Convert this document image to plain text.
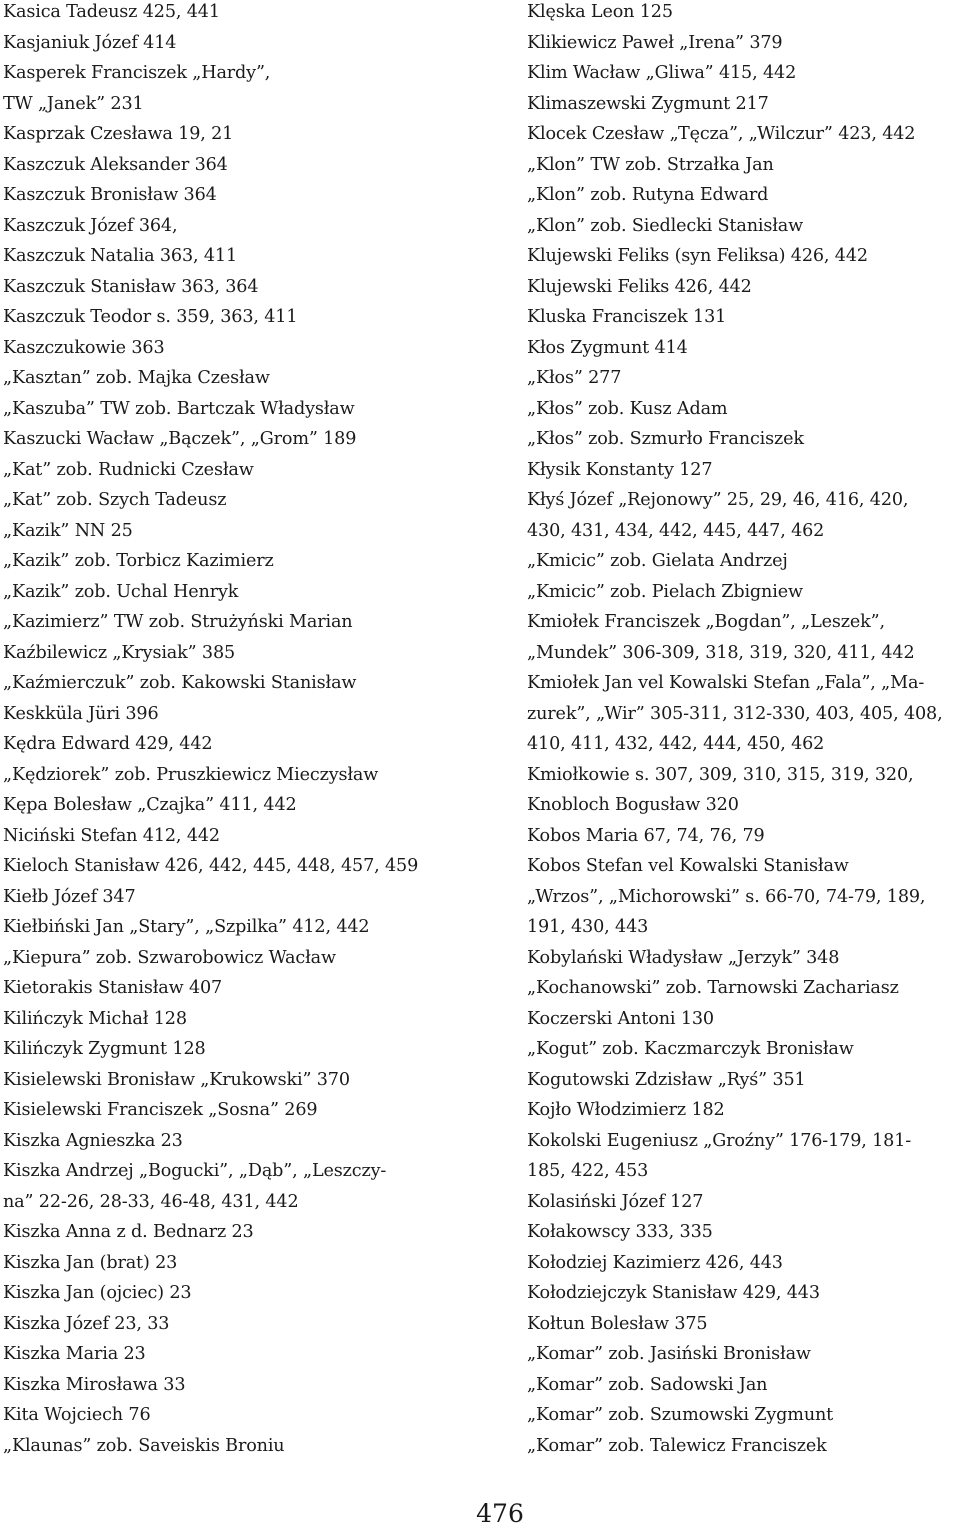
Kasica Tadeusz 425, 441
Kasjaniuk Józef 414
Kasperek Franciszek „Hardy”,
TW „Janek” 231
Kasprzak Czesława 19, 21
Kaszczuk Aleksander 364
Kaszczuk Bronisław 364
Kaszczuk Józef 364,
Kaszczuk Natalia 363, 411
Kaszczuk Stanisław 363, 364
Kaszczuk Teodor s. 359, 363, 411
Kaszczukowie 363
„Kasztan” zob. Majka Czesław
„Kaszuba” TW zob. Bartczak Władysław
Kaszucki Wacław „Bączek”, „Grom” 189
„Kat” zob. Rudnicki Czesław
„Kat” zob. Szych Tadeusz
„Kazik” NN 25
„Kazik” zob. Torbicz Kazimierz
„Kazik” zob. Uchal Henryk
„Kazimierz” TW zob. Strużyński Marian
Kaźbilewicz „Krysiak” 385
„Kaźmierczuk” zob. Kakowski Stanisław
Keskküla Jüri 396
Kędra Edward 429, 442
„Kędziorek” zob. Pruszkiewicz Mieczysław
Kępa Bolesław „Czajka” 411, 442
Niciński Stefan 412, 442
Kieloch Stanisław 426, 442, 445, 448, 457, 459
Kiełb Józef 347
Kiełbiński Jan „Stary”, „Szpilka” 412, 442
„Kiepura” zob. Szwarobowicz Wacław
Kietorakis Stanisław 407
Kilińczyk Michał 128
Kilińczyk Zygmunt 128
Kisielewski Bronisław „Krukowski” 370
Kisielewski Franciszek „Sosna” 269
Kiszka Agnieszka 23
Kiszka Andrzej „Bogucki”, „Dąb”, „Leszczy-
na” 22-26, 28-33, 46-48, 431, 442
Kiszka Anna z d. Bednarz 23
Kiszka Jan (brat) 23
Kiszka Jan (ojciec) 23
Kiszka Józef 23, 33
Kiszka Maria 23
Kiszka Mirosława 33
Kita Wojciech 76
„Klaunas” zob. Saveiskis Broniu
Klęska Leon 125
Klikiewicz Paweł „Irena” 379
Klim Wacław „Gliwa” 415, 442
Klimaszewski Zygmunt 217
Klocek Czesław „Tęcza”, „Wilczur” 423, 442
„Klon” TW zob. Strzałka Jan
„Klon” zob. Rutyna Edward
„Klon” zob. Siedlecki Stanisław
Klujewski Feliks (syn Feliksa) 426, 442
Klujewski Feliks 426, 442
Kluska Franciszek 131
Kłos Zygmunt 414
„Kłos” 277
„Kłos” zob. Kusz Adam
„Kłos” zob. Szmurło Franciszek
Kłysik Konstanty 127
Kłyś Józef „Rejonowy” 25, 29, 46, 416, 420,
430, 431, 434, 442, 445, 447, 462
„Kmicic” zob. Gielata Andrzej
„Kmicic” zob. Pielach Zbigniew
Kmiołek Franciszek „Bogdan”, „Leszek”,
„Mundek” 306-309, 318, 319, 320, 411, 442
Kmiołek Jan vel Kowalski Stefan „Fala”, „Ma-
zurek”, „Wir” 305-311, 312-330, 403, 405, 408,
410, 411, 432, 442, 444, 450, 462
Kmiołkowie s. 307, 309, 310, 315, 319, 320,
Knobloch Bogusław 320
Kobos Maria 67, 74, 76, 79
Kobos Stefan vel Kowalski Stanisław
„Wrzos”, „Michorowski” s. 66-70, 74-79, 189,
191, 430, 443
Kobylański Władysław „Jerzyk” 348
„Kochanowski” zob. Tarnowski Zachariasz
Koczerski Antoni 130
„Kogut” zob. Kaczmarczyk Bronisław
Kogutowski Zdzisław „Ryś” 351
Kojło Włodzimierz 182
Kokolski Eugeniusz „Groźny” 176-179, 181-
185, 422, 453
Kolasiński Józef 127
Kołakowscy 333, 335
Kołodziej Kazimierz 426, 443
Kołodziejczyk Stanisław 429, 443
Kołtun Bolesław 375
„Komar” zob. Jasiński Bronisław
„Komar” zob. Sadowski Jan
„Komar” zob. Szumowski Zygmunt
„Komar” zob. Talewicz Franciszek
476
